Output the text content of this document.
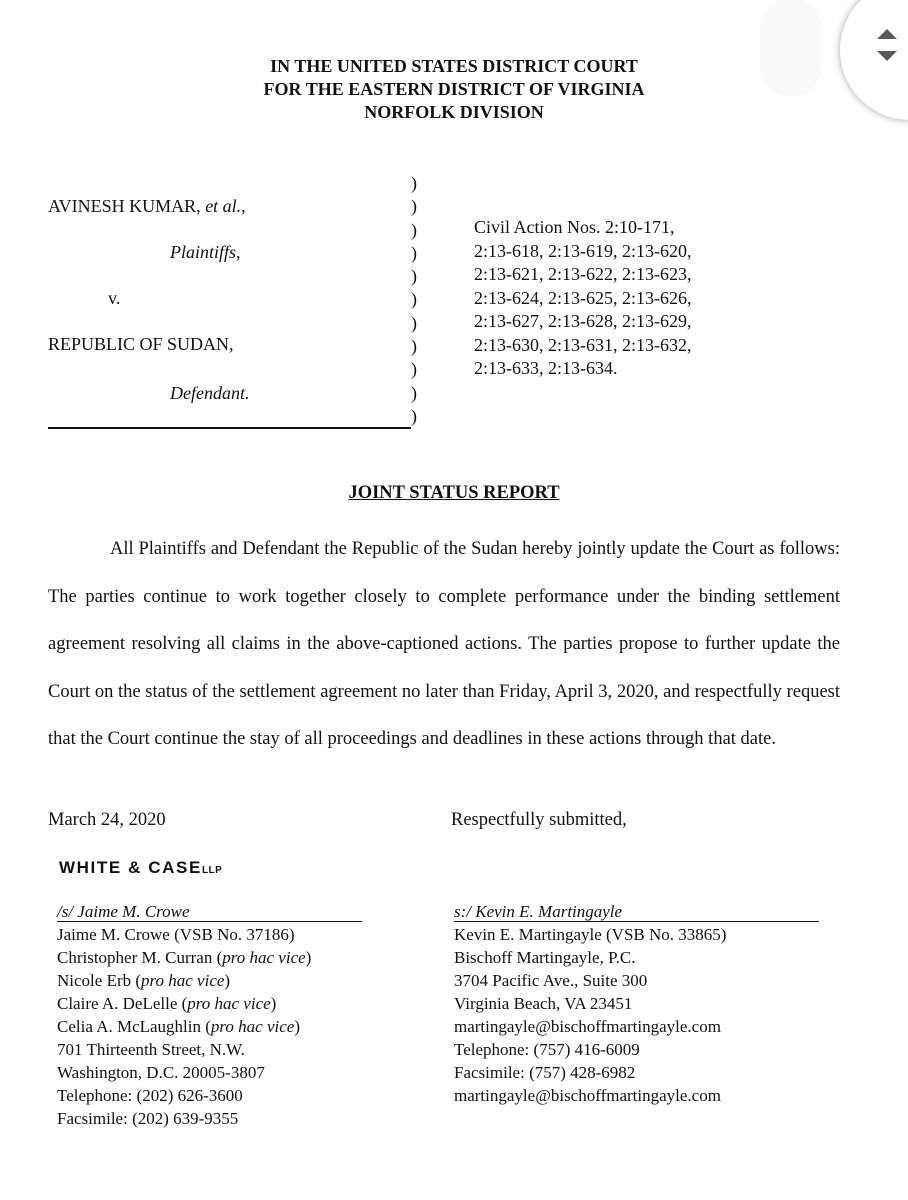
IN THE UNITED STATES DISTRICT COURT
FOR THE EASTERN DISTRICT OF VIRGINIA
NORFOLK DIVISION
AVINESH KUMAR, et al.,
Plaintiffs,
v.
REPUBLIC OF SUDAN,
Defendant.
)
)
)
)
)
)
)
)
)
)
)
Civil Action Nos. 2:10-171,
2:13-618, 2:13-619, 2:13-620,
2:13-621, 2:13-622, 2:13-623,
2:13-624, 2:13-625, 2:13-626,
2:13-627, 2:13-628, 2:13-629,
2:13-630, 2:13-631, 2:13-632,
2:13-633, 2:13-634.
JOINT STATUS REPORT
All Plaintiffs and Defendant the Republic of the Sudan hereby jointly update the Court as follows: The parties continue to work together closely to complete performance under the binding settlement agreement resolving all claims in the above-captioned actions. The parties propose to further update the Court on the status of the settlement agreement no later than Friday, April 3, 2020, and respectfully request that the Court continue the stay of all proceedings and deadlines in these actions through that date.
March 24, 2020	Respectfully submitted,
WHITE & CASELLP
/s/ Jaime M. Crowe
Jaime M. Crowe (VSB No. 37186)
Christopher M. Curran (pro hac vice)
Nicole Erb (pro hac vice)
Claire A. DeLelle (pro hac vice)
Celia A. McLaughlin (pro hac vice)
701 Thirteenth Street, N.W.
Washington, D.C. 20005-3807
Telephone: (202) 626-3600
Facsimile: (202) 639-9355
s:/ Kevin E. Martingayle
Kevin E. Martingayle (VSB No. 33865)
Bischoff Martingayle, P.C.
3704 Pacific Ave., Suite 300
Virginia Beach, VA 23451
martingayle@bischoffmartingayle.com
Telephone: (757) 416-6009
Facsimile: (757) 428-6982
martingayle@bischoffmartingayle.com
